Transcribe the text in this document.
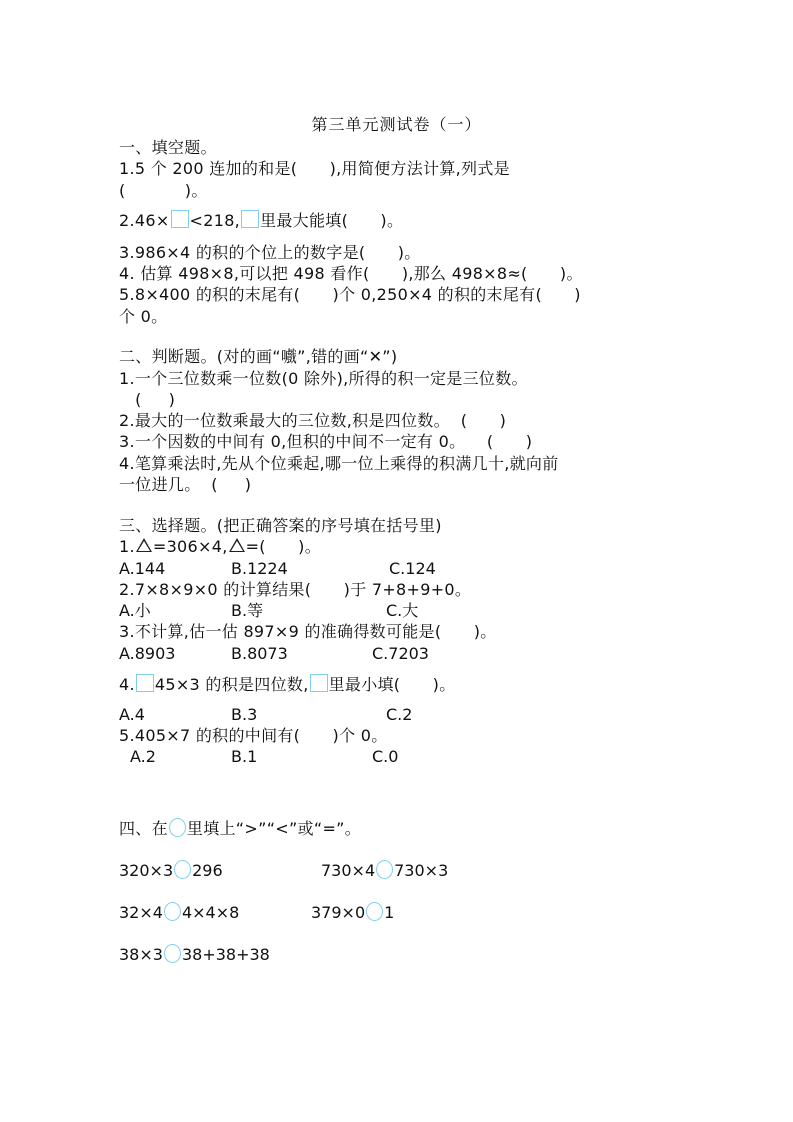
第三单元测试卷（一）
一、填空题。
1.5 个 200 连加的和是(      ),用简便方法计算,列式是
(           )。
2.46× <218, 里最大能填(      )。
3.986×4 的积的个位上的数字是(      )。
4. 估算 498×8,可以把 498 看作(      ),那么 498×8≈(      )。
5.8×400 的积的末尾有(      )个 0,250×4 的积的末尾有(      )
个 0。
二、判断题。(对的画“嚱”,错的画“✕”)
1.一个三位数乘一位数(0 除外),所得的积一定是三位数。
(     )
2.最大的一位数乘最大的三位数,积是四位数。  (      )
3.一个因数的中间有 0,但积的中间不一定有 0。    (      )
4.笔算乘法时,先从个位乘起,哪一位上乘得的积满几十,就向前
一位进几。  (     )
三、选择题。(把正确答案的序号填在括号里)
1. =306×4, =(      )。
A.144	B.1224	C.124
2.7×8×9×0 的计算结果(      )于 7+8+9+0。
A.小	B.等	C.大
3.不计算,估一估 897×9 的准确得数可能是(      )。
A.8903	B.8073	C.7203
4. 45×3 的积是四位数, 里最小填(      )。
A.4	B.3	C.2
5.405×7 的积的中间有(      )个 0。
A.2	B.1	C.0
四、在 里填上“>”“<”或“=”。
320×3 296	730×4 730×3
32×4 4×4×8	379×0 1
38×3 38+38+38
